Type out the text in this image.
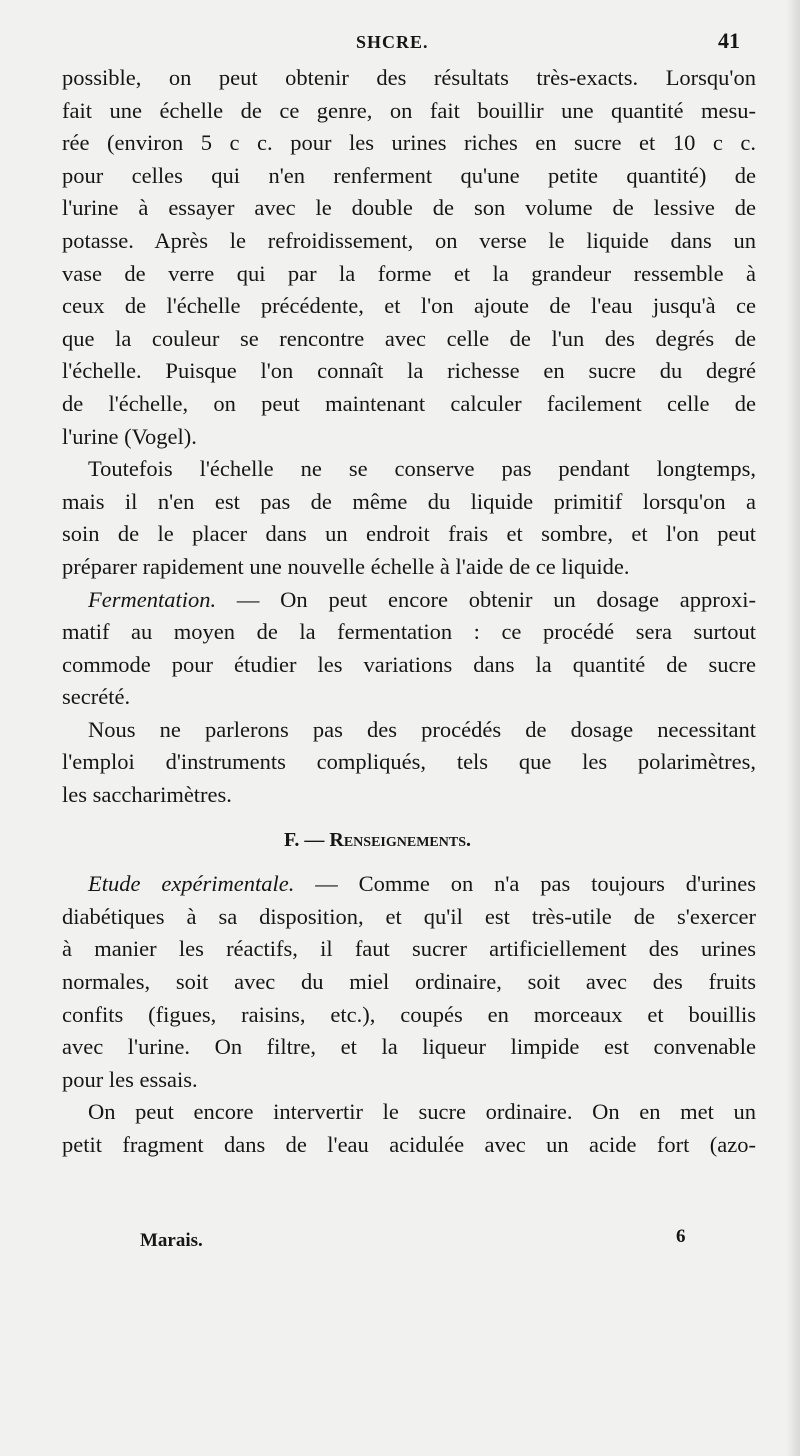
SHCRE.	41
possible, on peut obtenir des résultats très-exacts. Lorsqu'on
fait une échelle de ce genre, on fait bouillir une quantité mesu-
rée (environ 5 c c. pour les urines riches en sucre et 10 c c.
pour celles qui n'en renferment qu'une petite quantité) de
l'urine à essayer avec le double de son volume de lessive de
potasse. Après le refroidissement, on verse le liquide dans un
vase de verre qui par la forme et la grandeur ressemble à
ceux de l'échelle précédente, et l'on ajoute de l'eau jusqu'à ce
que la couleur se rencontre avec celle de l'un des degrés de
l'échelle. Puisque l'on connaît la richesse en sucre du degré
de l'échelle, on peut maintenant calculer facilement celle de
l'urine (Vogel).
Toutefois l'échelle ne se conserve pas pendant longtemps,
mais il n'en est pas de même du liquide primitif lorsqu'on a
soin de le placer dans un endroit frais et sombre, et l'on peut
préparer rapidement une nouvelle échelle à l'aide de ce liquide.
Fermentation. — On peut encore obtenir un dosage approxi-
matif au moyen de la fermentation : ce procédé sera surtout
commode pour étudier les variations dans la quantité de sucre
secrété.
Nous ne parlerons pas des procédés de dosage necessitant
l'emploi d'instruments compliqués, tels que les polarimètres,
les saccharimètres.
F. — Renseignements.
Etude expérimentale. — Comme on n'a pas toujours d'urines
diabétiques à sa disposition, et qu'il est très-utile de s'exercer
à manier les réactifs, il faut sucrer artificiellement des urines
normales, soit avec du miel ordinaire, soit avec des fruits
confits (figues, raisins, etc.), coupés en morceaux et bouillis
avec l'urine. On filtre, et la liqueur limpide est convenable
pour les essais.
On peut encore intervertir le sucre ordinaire. On en met un
petit fragment dans de l'eau acidulée avec un acide fort (azo-
Marais.	6
